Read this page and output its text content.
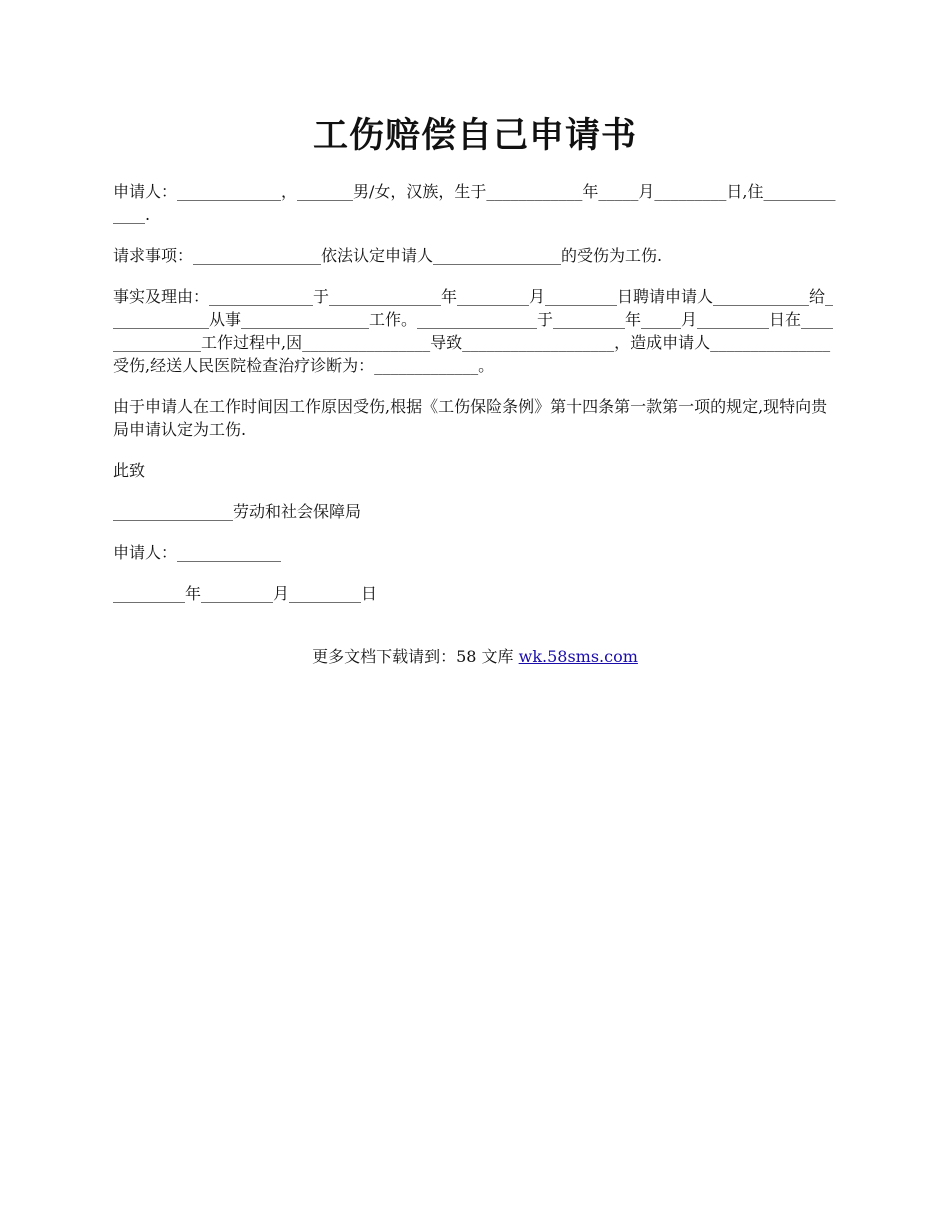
工伤赔偿自己申请书

申请人：_____________，_______男/女，汉族，生于____________年_____月_________日,住_____________.

请求事项：________________依法认定申请人________________的受伤为工伤.

事实及理由：_____________于______________年_________月_________日聘请申请人____________给_____________从事________________工作。_______________于_________年_____月_________日在_______________工作过程中,因________________导致___________________，造成申请人_______________受伤,经送人民医院检查治疗诊断为：_____________。

由于申请人在工作时间因工作原因受伤,根据《工伤保险条例》第十四条第一款第一项的规定,现特向贵局申请认定为工伤.

此致

_______________劳动和社会保障局

申请人：_____________

_________年_________月_________日

更多文档下载请到：58 文库 wk.58sms.com
